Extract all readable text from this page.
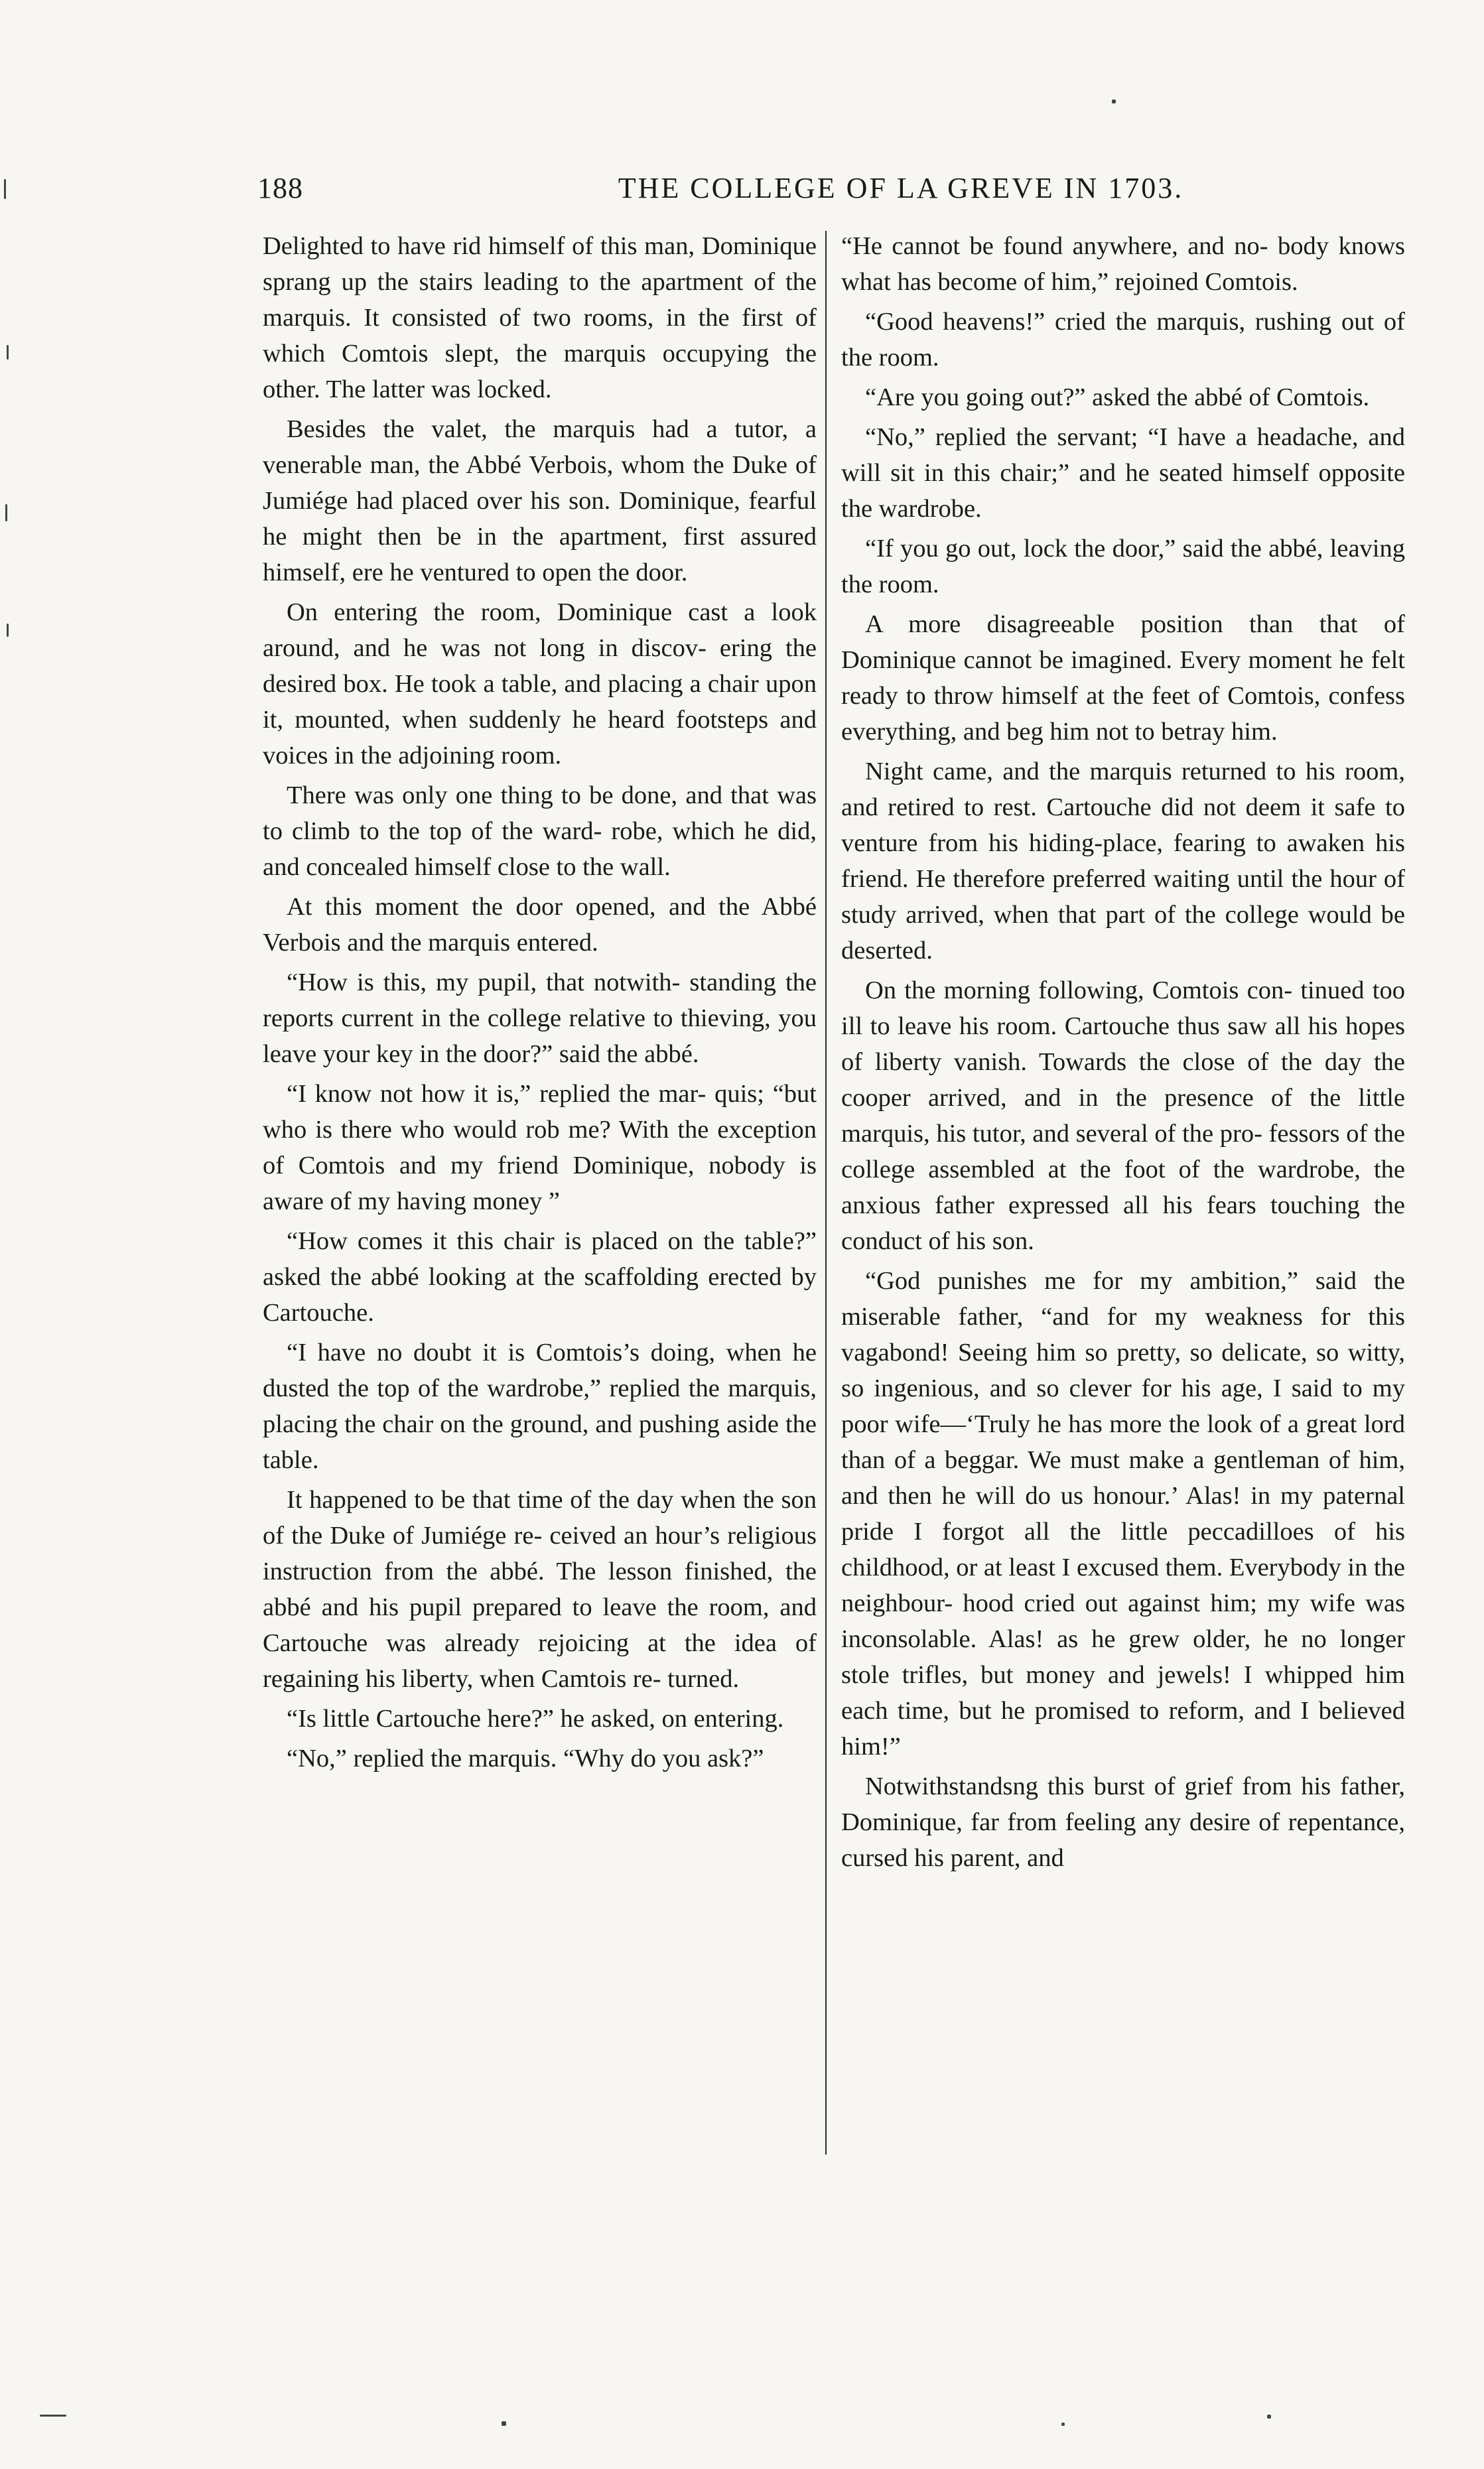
188	THE COLLEGE OF LA GREVE IN 1703.

Delighted to have rid himself of this man, Dominique sprang up the stairs leading to the apartment of the marquis. It consisted of two rooms, in the first of which Comtois slept, the marquis occupying the other. The latter was locked.

Besides the valet, the marquis had a tutor, a venerable man, the Abbé Verbois, whom the Duke of Jumiége had placed over his son. Dominique, fearful he might then be in the apartment, first assured himself, ere he ventured to open the door.

On entering the room, Dominique cast a look around, and he was not long in discov- ering the desired box. He took a table, and placing a chair upon it, mounted, when suddenly he heard footsteps and voices in the adjoining room.

There was only one thing to be done, and that was to climb to the top of the ward- robe, which he did, and concealed himself close to the wall.

At this moment the door opened, and the Abbé Verbois and the marquis entered.

“How is this, my pupil, that notwith- standing the reports current in the college relative to thieving, you leave your key in the door?” said the abbé.

“I know not how it is,” replied the mar- quis; “but who is there who would rob me? With the exception of Comtois and my friend Dominique, nobody is aware of my having money ”

“How comes it this chair is placed on the table?” asked the abbé looking at the scaffolding erected by Cartouche.

“I have no doubt it is Comtois’s doing, when he dusted the top of the wardrobe,” replied the marquis, placing the chair on the ground, and pushing aside the table.

It happened to be that time of the day when the son of the Duke of Jumiége re- ceived an hour’s religious instruction from the abbé. The lesson finished, the abbé and his pupil prepared to leave the room, and Cartouche was already rejoicing at the idea of regaining his liberty, when Camtois re- turned.

“Is little Cartouche here?” he asked, on entering.

“No,” replied the marquis. “Why do you ask?”

“He cannot be found anywhere, and no- body knows what has become of him,” rejoined Comtois.

“Good heavens!” cried the marquis, rushing out of the room.

“Are you going out?” asked the abbé of Comtois.

“No,” replied the servant; “I have a headache, and will sit in this chair;” and he seated himself opposite the wardrobe.

“If you go out, lock the door,” said the abbé, leaving the room.

A more disagreeable position than that of Dominique cannot be imagined. Every moment he felt ready to throw himself at the feet of Comtois, confess everything, and beg him not to betray him.

Night came, and the marquis returned to his room, and retired to rest. Cartouche did not deem it safe to venture from his hiding-place, fearing to awaken his friend. He therefore preferred waiting until the hour of study arrived, when that part of the college would be deserted.

On the morning following, Comtois con- tinued too ill to leave his room. Cartouche thus saw all his hopes of liberty vanish. Towards the close of the day the cooper arrived, and in the presence of the little marquis, his tutor, and several of the pro- fessors of the college assembled at the foot of the wardrobe, the anxious father expressed all his fears touching the conduct of his son.

“God punishes me for my ambition,” said the miserable father, “and for my weakness for this vagabond! Seeing him so pretty, so delicate, so witty, so ingenious, and so clever for his age, I said to my poor wife—‘Truly he has more the look of a great lord than of a beggar. We must make a gentleman of him, and then he will do us honour.’ Alas! in my paternal pride I forgot all the little peccadilloes of his childhood, or at least I excused them. Everybody in the neighbour- hood cried out against him; my wife was inconsolable. Alas! as he grew older, he no longer stole trifles, but money and jewels! I whipped him each time, but he promised to reform, and I believed him!”

Notwithstandsng this burst of grief from his father, Dominique, far from feeling any desire of repentance, cursed his parent, and
